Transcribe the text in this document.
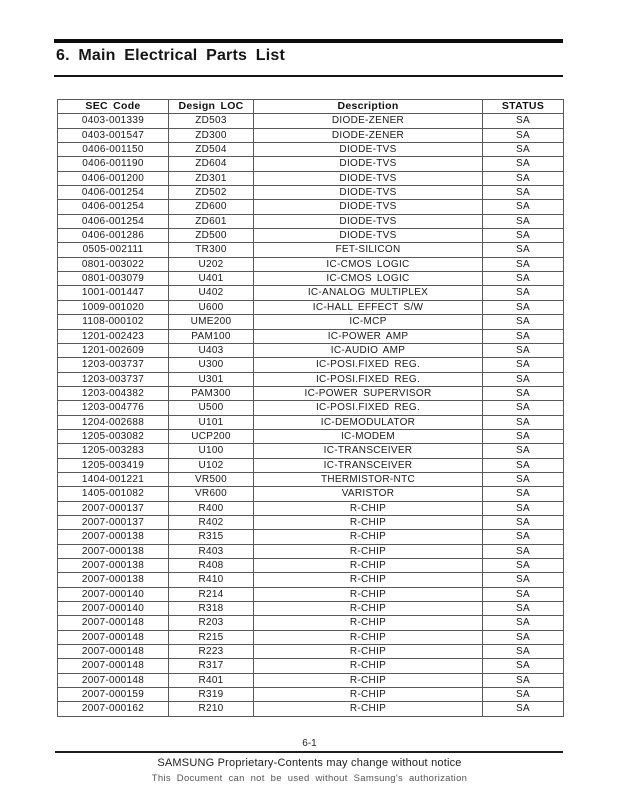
6. Main Electrical Parts List
SEC Code	Design LOC	Description	STATUS
0403-001339	ZD503	DIODE-ZENER	SA
0403-001547	ZD300	DIODE-ZENER	SA
0406-001150	ZD504	DIODE-TVS	SA
0406-001190	ZD604	DIODE-TVS	SA
0406-001200	ZD301	DIODE-TVS	SA
0406-001254	ZD502	DIODE-TVS	SA
0406-001254	ZD600	DIODE-TVS	SA
0406-001254	ZD601	DIODE-TVS	SA
0406-001286	ZD500	DIODE-TVS	SA
0505-002111	TR300	FET-SILICON	SA
0801-003022	U202	IC-CMOS LOGIC	SA
0801-003079	U401	IC-CMOS LOGIC	SA
1001-001447	U402	IC-ANALOG MULTIPLEX	SA
1009-001020	U600	IC-HALL EFFECT S/W	SA
1108-000102	UME200	IC-MCP	SA
1201-002423	PAM100	IC-POWER AMP	SA
1201-002609	U403	IC-AUDIO AMP	SA
1203-003737	U300	IC-POSI.FIXED REG.	SA
1203-003737	U301	IC-POSI.FIXED REG.	SA
1203-004382	PAM300	IC-POWER SUPERVISOR	SA
1203-004776	U500	IC-POSI.FIXED REG.	SA
1204-002688	U101	IC-DEMODULATOR	SA
1205-003082	UCP200	IC-MODEM	SA
1205-003283	U100	IC-TRANSCEIVER	SA
1205-003419	U102	IC-TRANSCEIVER	SA
1404-001221	VR500	THERMISTOR-NTC	SA
1405-001082	VR600	VARISTOR	SA
2007-000137	R400	R-CHIP	SA
2007-000137	R402	R-CHIP	SA
2007-000138	R315	R-CHIP	SA
2007-000138	R403	R-CHIP	SA
2007-000138	R408	R-CHIP	SA
2007-000138	R410	R-CHIP	SA
2007-000140	R214	R-CHIP	SA
2007-000140	R318	R-CHIP	SA
2007-000148	R203	R-CHIP	SA
2007-000148	R215	R-CHIP	SA
2007-000148	R223	R-CHIP	SA
2007-000148	R317	R-CHIP	SA
2007-000148	R401	R-CHIP	SA
2007-000159	R319	R-CHIP	SA
2007-000162	R210	R-CHIP	SA
6-1
SAMSUNG Proprietary-Contents may change without notice
This Document can not be used without Samsung's authorization
